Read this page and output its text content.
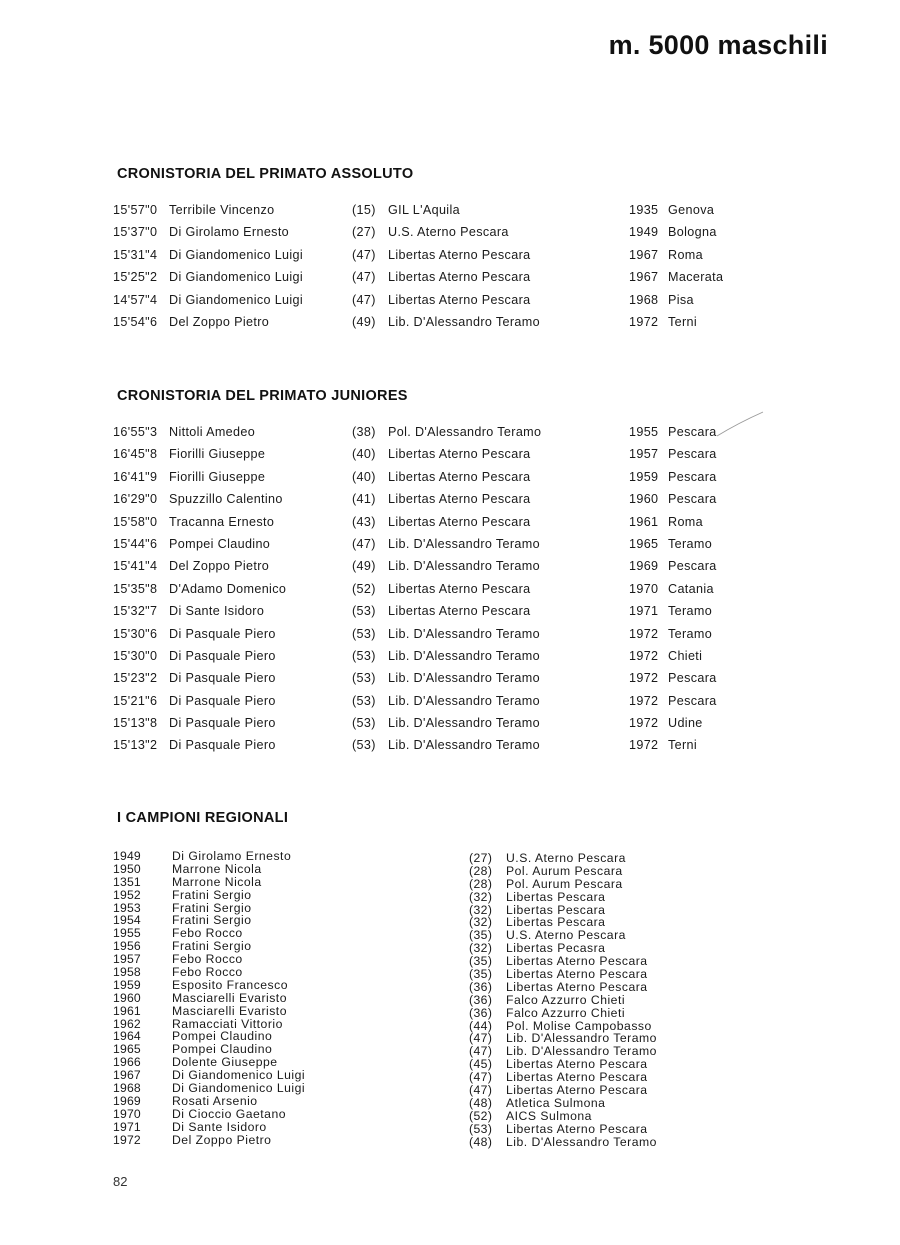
m. 5000 maschili
CRONISTORIA DEL PRIMATO ASSOLUTO
15'57"0 Terribile Vincenzo	(15) GIL L'Aquila	1935 Genova
15'37"0 Di Girolamo Ernesto	(27) U.S. Aterno Pescara	1949 Bologna
15'31"4 Di Giandomenico Luigi	(47) Libertas Aterno Pescara	1967 Roma
15'25"2 Di Giandomenico Luigi	(47) Libertas Aterno Pescara	1967 Macerata
14'57"4 Di Giandomenico Luigi	(47) Libertas Aterno Pescara	1968 Pisa
15'54"6 Del Zoppo Pietro	(49) Lib. D'Alessandro Teramo	1972 Terni
CRONISTORIA DEL PRIMATO JUNIORES
16'55"3 Nittoli Amedeo	(38) Pol. D'Alessandro Teramo	1955 Pescara
16'45"8 Fiorilli Giuseppe	(40) Libertas Aterno Pescara	1957 Pescara
16'41"9 Fiorilli Giuseppe	(40) Libertas Aterno Pescara	1959 Pescara
16'29"0 Spuzzillo Calentino	(41) Libertas Aterno Pescara	1960 Pescara
15'58"0 Tracanna Ernesto	(43) Libertas Aterno Pescara	1961 Roma
15'44"6 Pompei Claudino	(47) Lib. D'Alessandro Teramo	1965 Teramo
15'41"4 Del Zoppo Pietro	(49) Lib. D'Alessandro Teramo	1969 Pescara
15'35"8 D'Adamo Domenico	(52) Libertas Aterno Pescara	1970 Catania
15'32"7 Di Sante Isidoro	(53) Libertas Aterno Pescara	1971 Teramo
15'30"6 Di Pasquale Piero	(53) Lib. D'Alessandro Teramo	1972 Teramo
15'30"0 Di Pasquale Piero	(53) Lib. D'Alessandro Teramo	1972 Chieti
15'23"2 Di Pasquale Piero	(53) Lib. D'Alessandro Teramo	1972 Pescara
15'21"6 Di Pasquale Piero	(53) Lib. D'Alessandro Teramo	1972 Pescara
15'13"8 Di Pasquale Piero	(53) Lib. D'Alessandro Teramo	1972 Udine
15'13"2 Di Pasquale Piero	(53) Lib. D'Alessandro Teramo	1972 Terni
I CAMPIONI REGIONALI
1949	Di Girolamo Ernesto	(27) U.S. Aterno Pescara
1950	Marrone Nicola	(28) Pol. Aurum Pescara
1351	Marrone Nicola	(28) Pol. Aurum Pescara
1952	Fratini Sergio	(32) Libertas Pescara
1953	Fratini Sergio	(32) Libertas Pescara
1954	Fratini Sergio	(32) Libertas Pescara
1955	Febo Rocco	(35) U.S. Aterno Pescara
1956	Fratini Sergio	(32) Libertas Pecasra
1957	Febo Rocco	(35) Libertas Aterno Pescara
1958	Febo Rocco	(35) Libertas Aterno Pescara
1959	Esposito Francesco	(36) Libertas Aterno Pescara
1960	Masciarelli Evaristo	(36) Falco Azzurro Chieti
1961	Masciarelli Evaristo	(36) Falco Azzurro Chieti
1962	Ramacciati Vittorio	(44) Pol. Molise Campobasso
1964	Pompei Claudino	(47) Lib. D'Alessandro Teramo
1965	Pompei Claudino	(47) Lib. D'Alessandro Teramo
1966	Dolente Giuseppe	(45) Libertas Aterno Pescara
1967	Di Giandomenico Luigi	(47) Libertas Aterno Pescara
1968	Di Giandomenico Luigi	(47) Libertas Aterno Pescara
1969	Rosati Arsenio	(48) Atletica Sulmona
1970	Di Cioccio Gaetano	(52) AICS Sulmona
1971	Di Sante Isidoro	(53) Libertas Aterno Pescara
1972	Del Zoppo Pietro	(48) Lib. D'Alessandro Teramo
82
